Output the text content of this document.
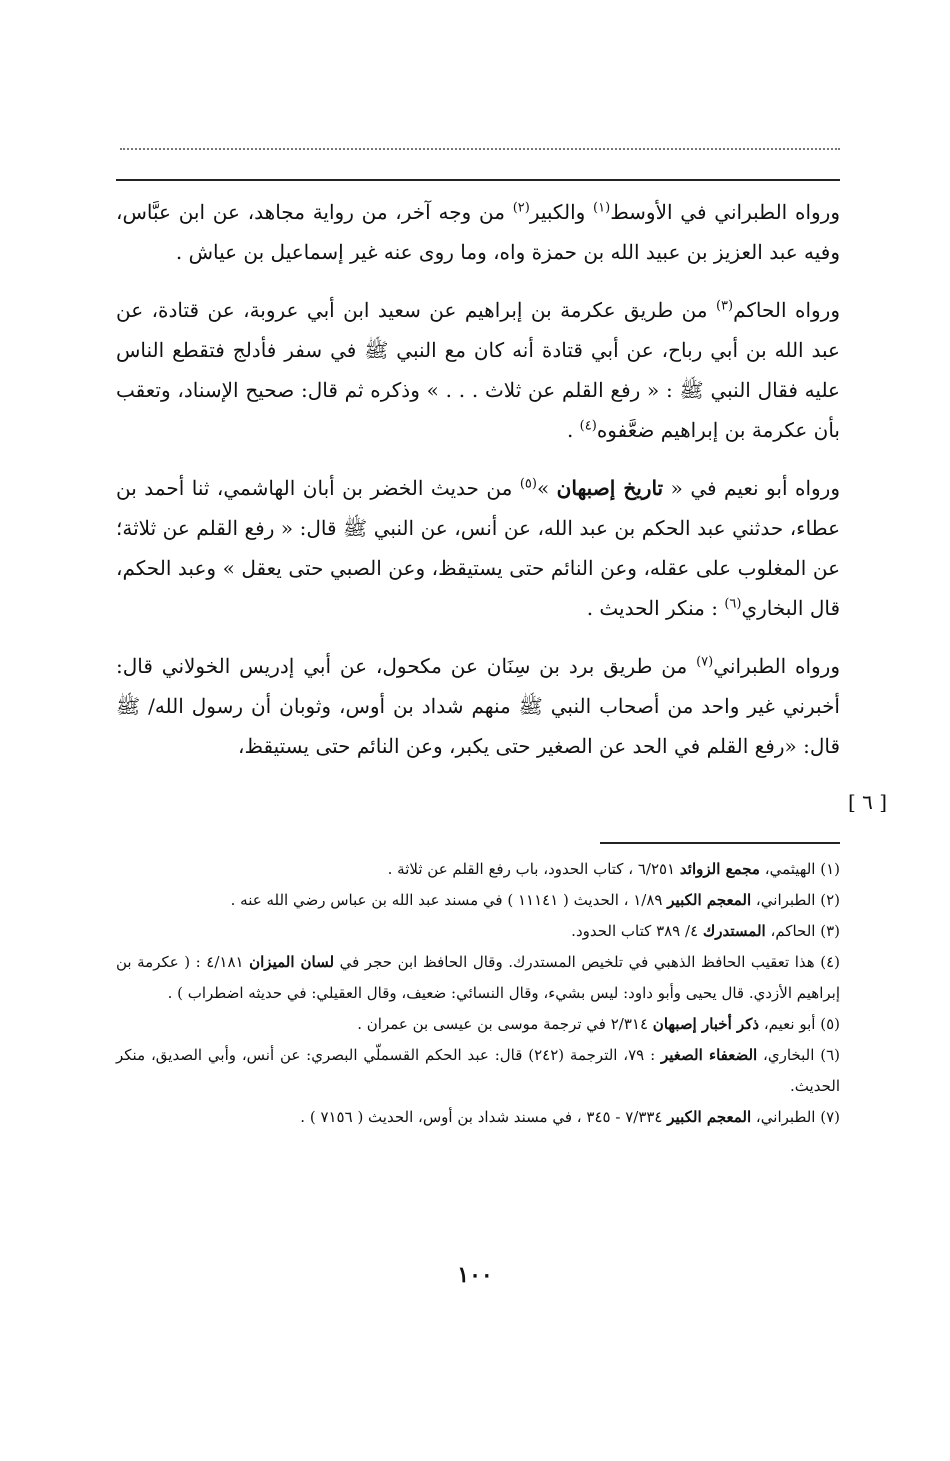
ورواه الطبراني في الأوسط$^{(١)}$ والكبير$^{(٢)}$ من وجه آخر، من رواية مجاهد، عن ابن عبَّاس، وفيه عبد العزيز بن عبيد الله بن حمزة واه، وما روى عنه غير إسماعيل بن عياش .

ورواه الحاكم$^{(٣)}$ من طريق عكرمة بن إبراهيم عن سعيد ابن أبي عروبة، عن قتادة، عن عبد الله بن أبي رباح، عن أبي قتادة أنه كان مع النبي ﷺ في سفر فأدلج فتقطع الناس عليه فقال النبي ﷺ : « رفع القلم عن ثلاث . . . » وذكره ثم قال: صحيح الإسناد، وتعقب بأن عكرمة بن إبراهيم ضعَّفوه$^{(٤)}$ .

ورواه أبو نعيم في « تاريخ إصبهان »$^{(٥)}$ من حديث الخضر بن أبان الهاشمي، ثنا أحمد بن عطاء، حدثني عبد الحكم بن عبد الله، عن أنس، عن النبي ﷺ قال: « رفع القلم عن ثلاثة؛ عن المغلوب على عقله، وعن النائم حتى يستيقظ، وعن الصبي حتى يعقل » وعبد الحكم، قال البخاري$^{(٦)}$ : منكر الحديث .

ورواه الطبراني$^{(٧)}$ من طريق برد بن سِنَان عن مكحول، عن أبي إدريس الخولاني قال: أخبرني غير واحد من أصحاب النبي ﷺ منهم شداد بن أوس، وثوبان أن رسول الله/ ﷺ قال: «رفع القلم في الحد عن الصغير حتى يكبر، وعن النائم حتى يستيقظ،

[ ٦ ]

(١) الهيثمي، مجمع الزوائد ٦/٢٥١ ، كتاب الحدود، باب رفع القلم عن ثلاثة .

(٢) الطبراني، المعجم الكبير ١/٨٩ ، الحديث ( ١١١٤١ ) في مسند عبد الله بن عباس رضي الله عنه .

(٣) الحاكم، المستدرك ٤/ ٣٨٩ كتاب الحدود.

(٤) هذا تعقيب الحافظ الذهبي في تلخيص المستدرك. وقال الحافظ ابن حجر في لسان الميزان ٤/١٨١ : ( عكرمة بن إبراهيم الأزدي. قال يحيى وأبو داود: ليس بشيء، وقال النسائي: ضعيف، وقال العقيلي: في حديثه اضطراب ) .

(٥) أبو نعيم، ذكر أخبار إصبهان ٢/٣١٤ في ترجمة موسى بن عيسى بن عمران .

(٦) البخاري، الضعفاء الصغير : ٧٩، الترجمة (٢٤٢) قال: عبد الحكم القسملّي البصري: عن أنس، وأبي الصديق، منكر الحديث.

(٧) الطبراني، المعجم الكبير ٧/٣٣٤ - ٣٤٥ ، في مسند شداد بن أوس، الحديث ( ٧١٥٦ ) .

١٠٠
